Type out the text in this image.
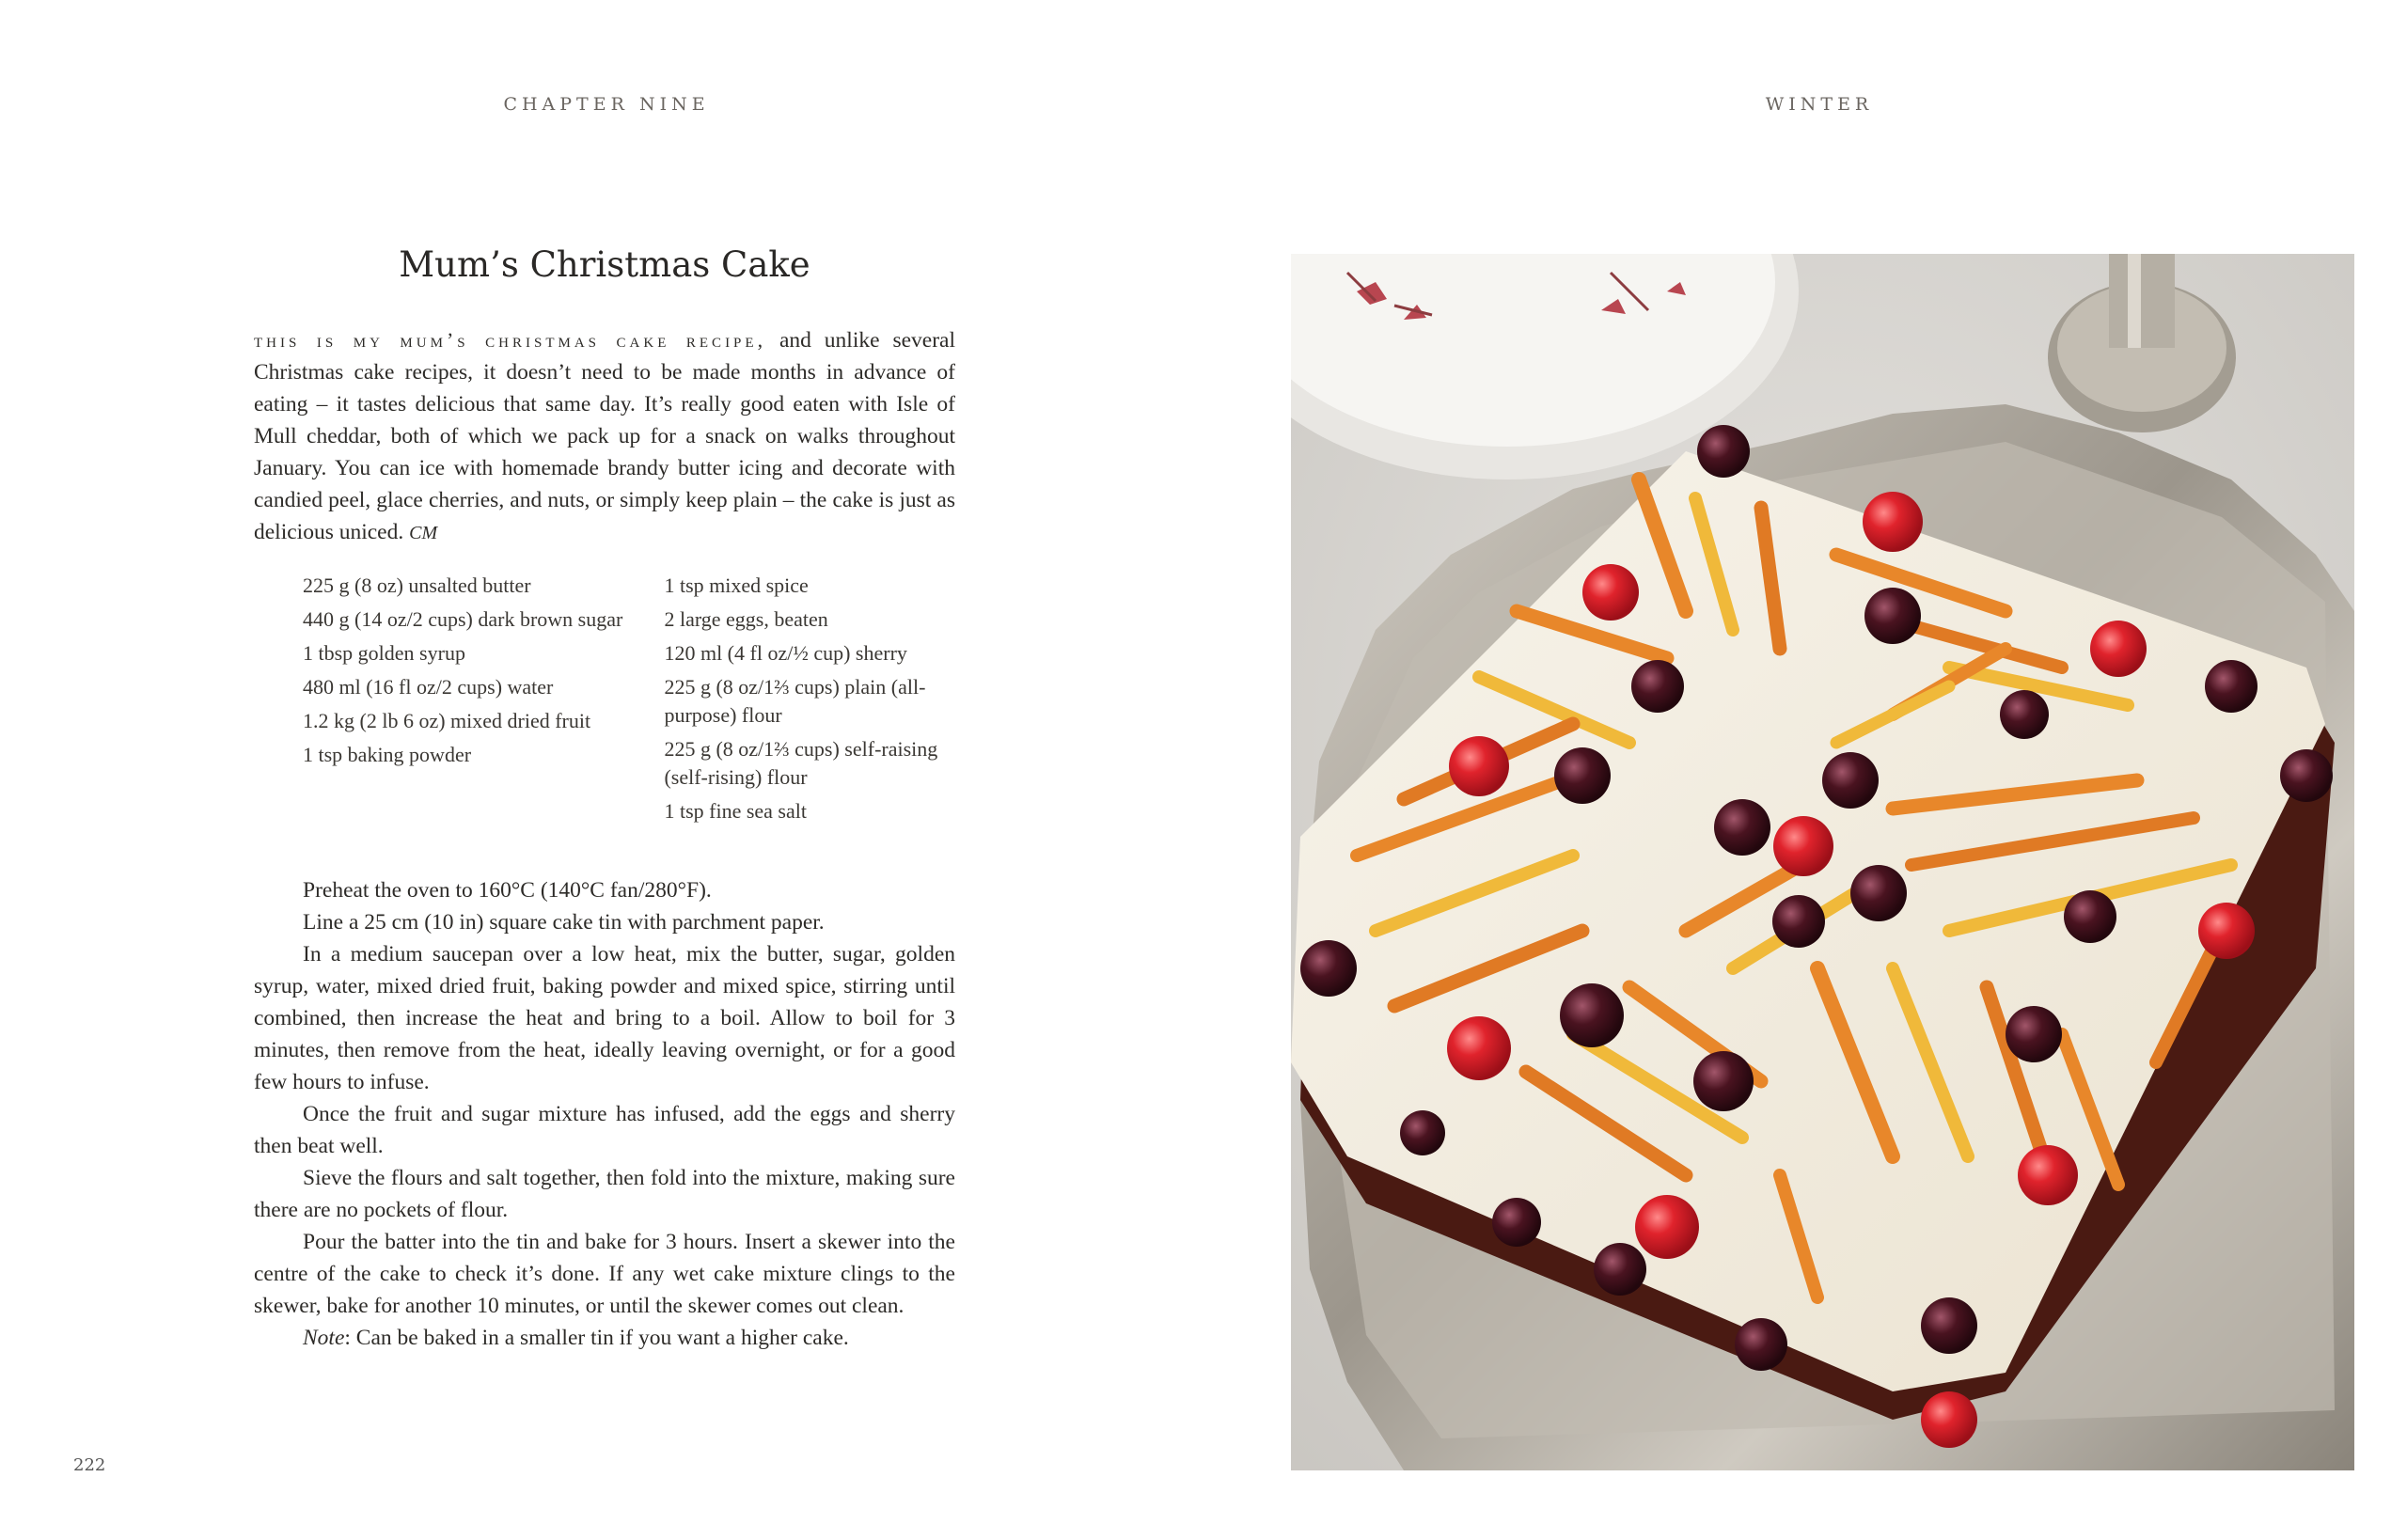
CHAPTER NINE	WINTER
Mum’s Christmas Cake

this is my mum’s christmas cake recipe, and unlike several Christmas cake recipes, it doesn’t need to be made months in advance of eating – it tastes delicious that same day. It’s really good eaten with Isle of Mull cheddar, both of which we pack up for a snack on walks throughout January. You can ice with homemade brandy butter icing and decorate with candied peel, glace cherries, and nuts, or simply keep plain – the cake is just as delicious uniced. CM

225 g (8 oz) unsalted butter
440 g (14 oz/2 cups) dark brown sugar
1 tbsp golden syrup
480 ml (16 fl oz/2 cups) water
1.2 kg (2 lb 6 oz) mixed dried fruit
1 tsp baking powder
1 tsp mixed spice
2 large eggs, beaten
120 ml (4 fl oz/½ cup) sherry
225 g (8 oz/1⅔ cups) plain (all-purpose) flour
225 g (8 oz/1⅔ cups) self-raising (self-rising) flour
1 tsp fine sea salt

Preheat the oven to 160°C (140°C fan/280°F).

Line a 25 cm (10 in) square cake tin with parchment paper.

In a medium saucepan over a low heat, mix the butter, sugar, golden syrup, water, mixed dried fruit, baking powder and mixed spice, stirring until combined, then increase the heat and bring to a boil. Allow to boil for 3 minutes, then remove from the heat, ideally leaving overnight, or for a good few hours to infuse.

Once the fruit and sugar mixture has infused, add the eggs and sherry then beat well.

Sieve the flours and salt together, then fold into the mixture, making sure there are no pockets of flour.

Pour the batter into the tin and bake for 3 hours. Insert a skewer into the centre of the cake to check it’s done. If any wet cake mixture clings to the skewer, bake for another 10 minutes, or until the skewer comes out clean.

Note: Can be baked in a smaller tin if you want a higher cake.

222
